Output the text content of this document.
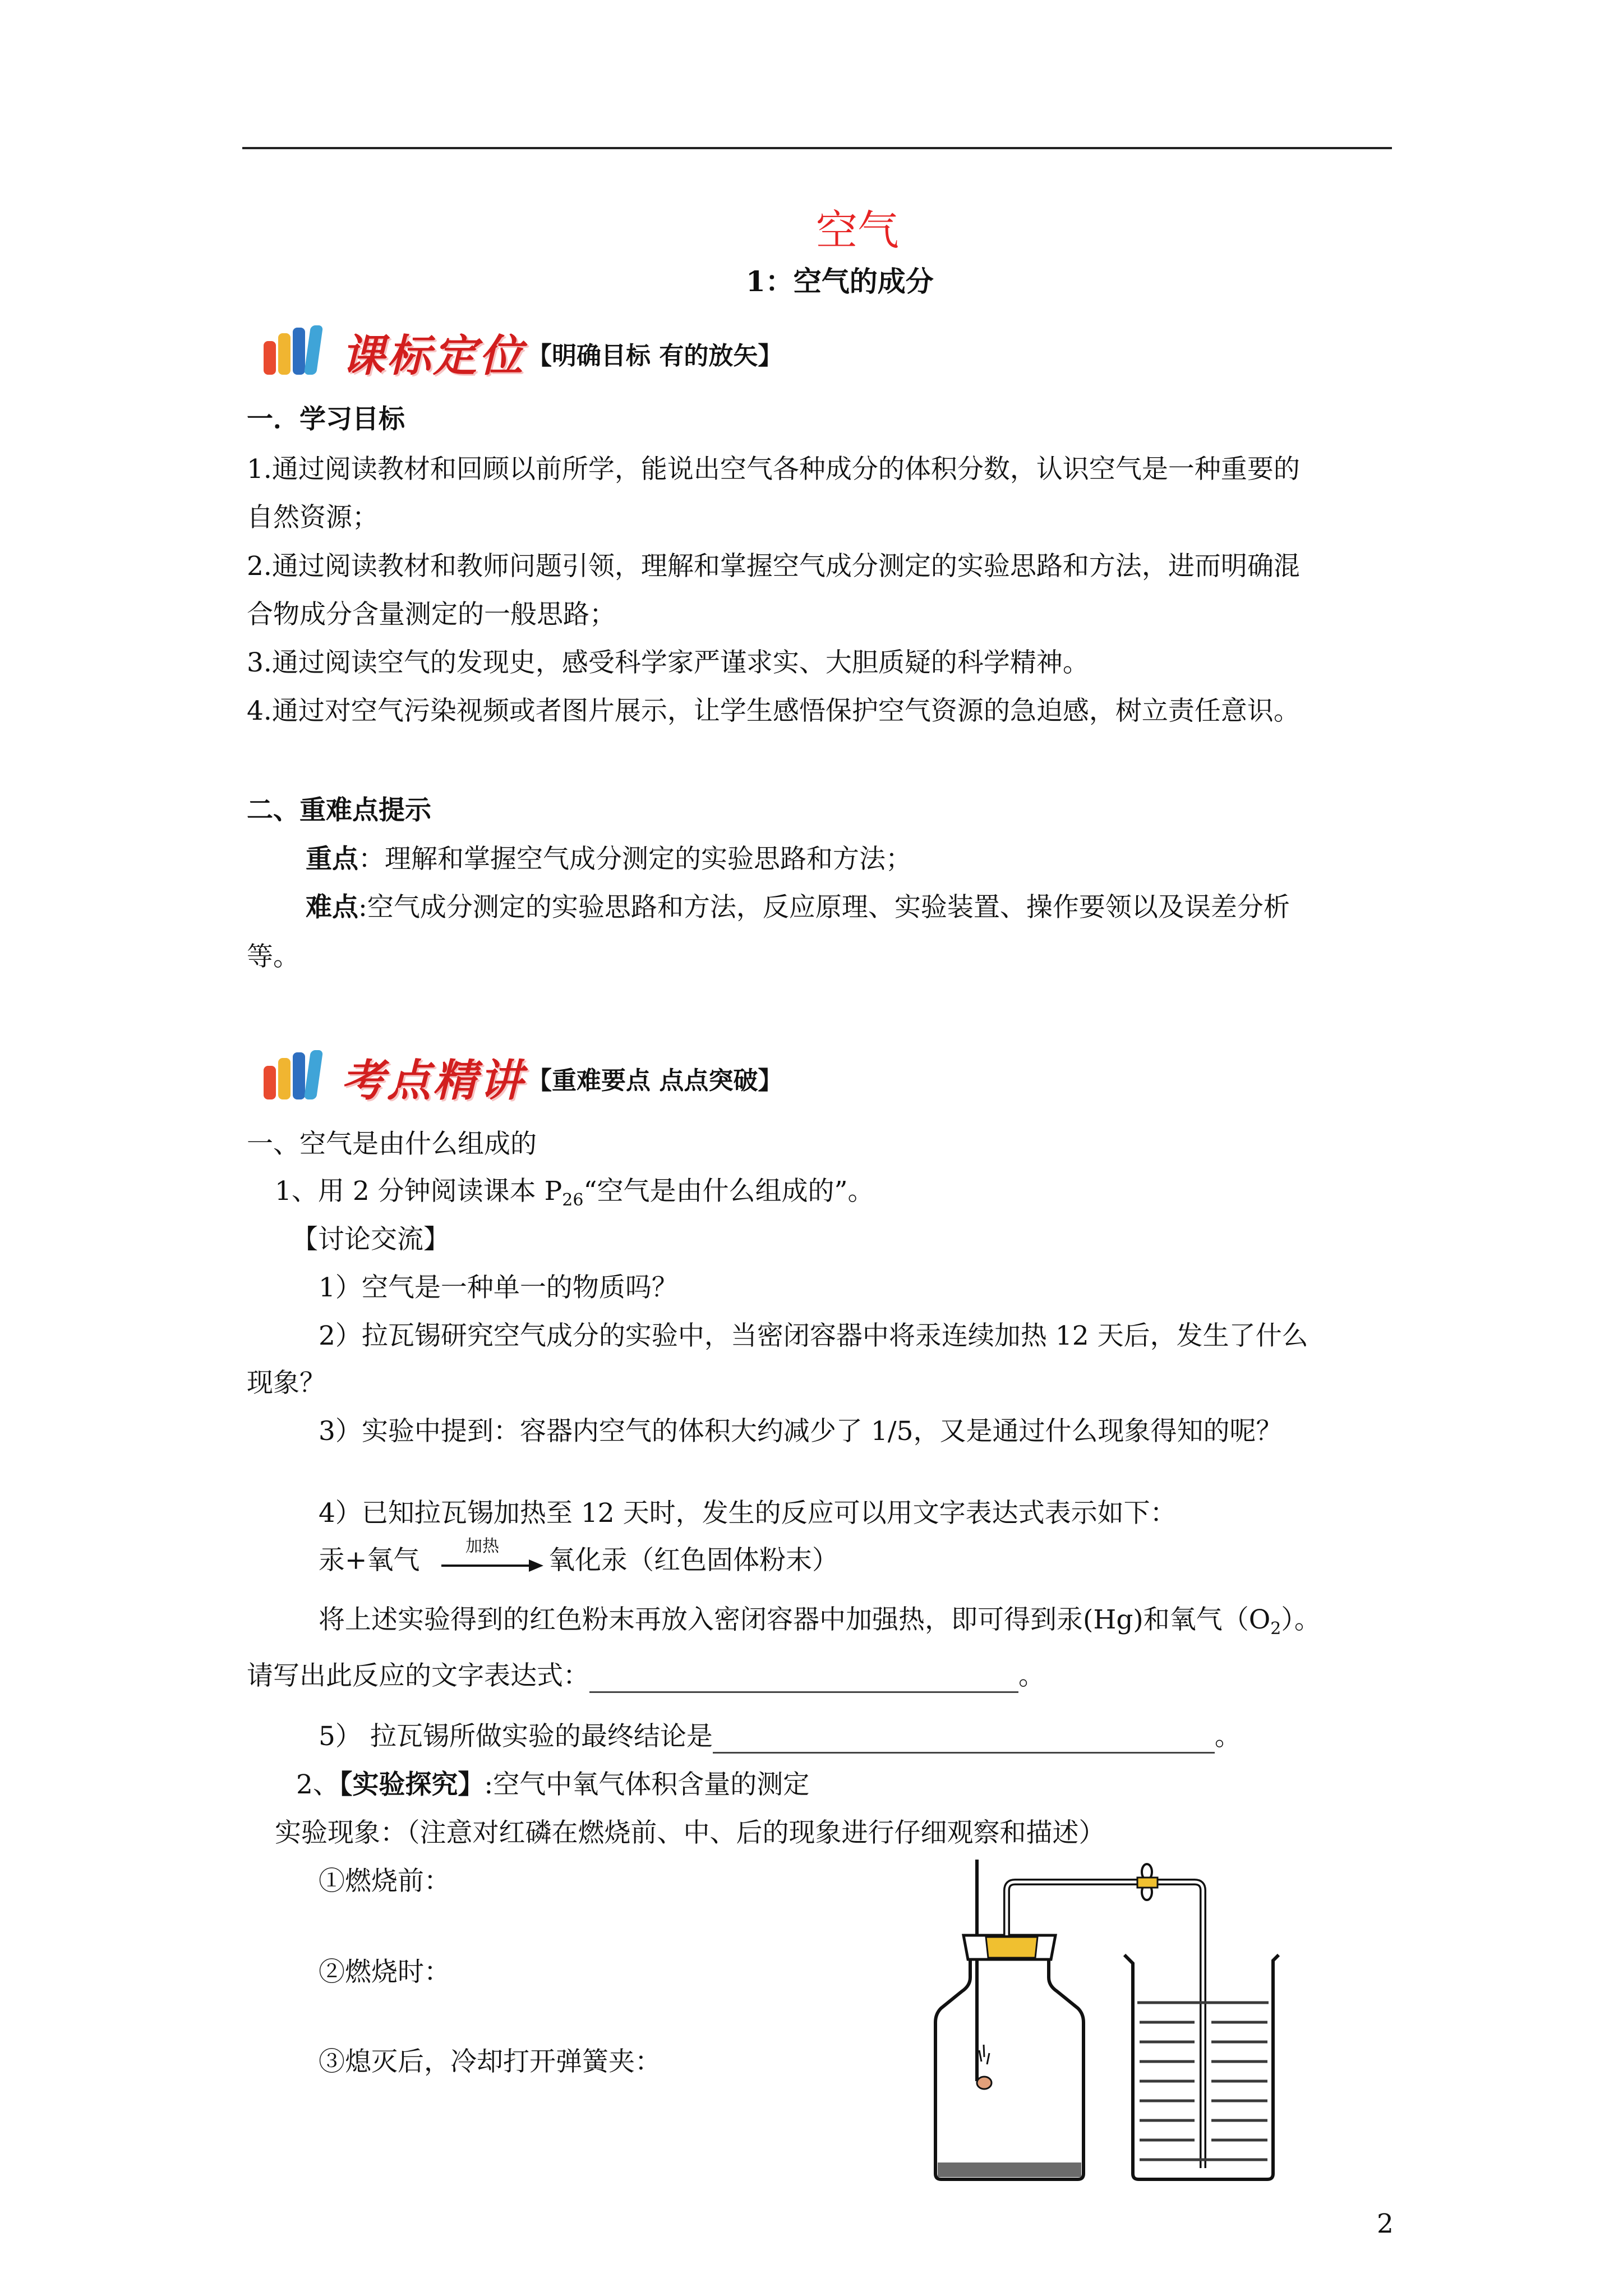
空气
1：空气的成分
课标定位 【明确目标 有的放矢】
一．学习目标
1.通过阅读教材和回顾以前所学，能说出空气各种成分的体积分数，认识空气是一种重要的
自然资源；
2.通过阅读教材和教师问题引领，理解和掌握空气成分测定的实验思路和方法，进而明确混
合物成分含量测定的一般思路；
3.通过阅读空气的发现史，感受科学家严谨求实、大胆质疑的科学精神。
4.通过对空气污染视频或者图片展示，让学生感悟保护空气资源的急迫感，树立责任意识。
二、重难点提示
重点：理解和掌握空气成分测定的实验思路和方法；
难点:空气成分测定的实验思路和方法，反应原理、实验装置、操作要领以及误差分析
等。
考点精讲 【重难要点 点点突破】
一、空气是由什么组成的
1、用 2 分钟阅读课本 $P_{26}“$空气是由什么组成的”。
【讨论交流】
1）空气是一种单一的物质吗？
2）拉瓦锡研究空气成分的实验中，当密闭容器中将汞连续加热 12 天后，发生了什么
现象？
3）实验中提到：容器内空气的体积大约减少了 1/5，又是通过什么现象得知的呢？
4）已知拉瓦锡加热至 12 天时，发生的反应可以用文字表达式表示如下：
汞+氧气	加热 氧化汞（红色固体粉末）
将上述实验得到的红色粉末再放入密闭容器中加强热，即可得到汞(Hg)和氧气$(O_2)$。
请写出此反应的文字表达式：	。
5） 拉瓦锡所做实验的最终结论是	。
2、【实验探究】:空气中氧气体积含量的测定
实验现象：（注意对红磷在燃烧前、中、后的现象进行仔细观察和描述）
①燃烧前：
②燃烧时：
③熄灭后，冷却打开弹簧夹：
2
